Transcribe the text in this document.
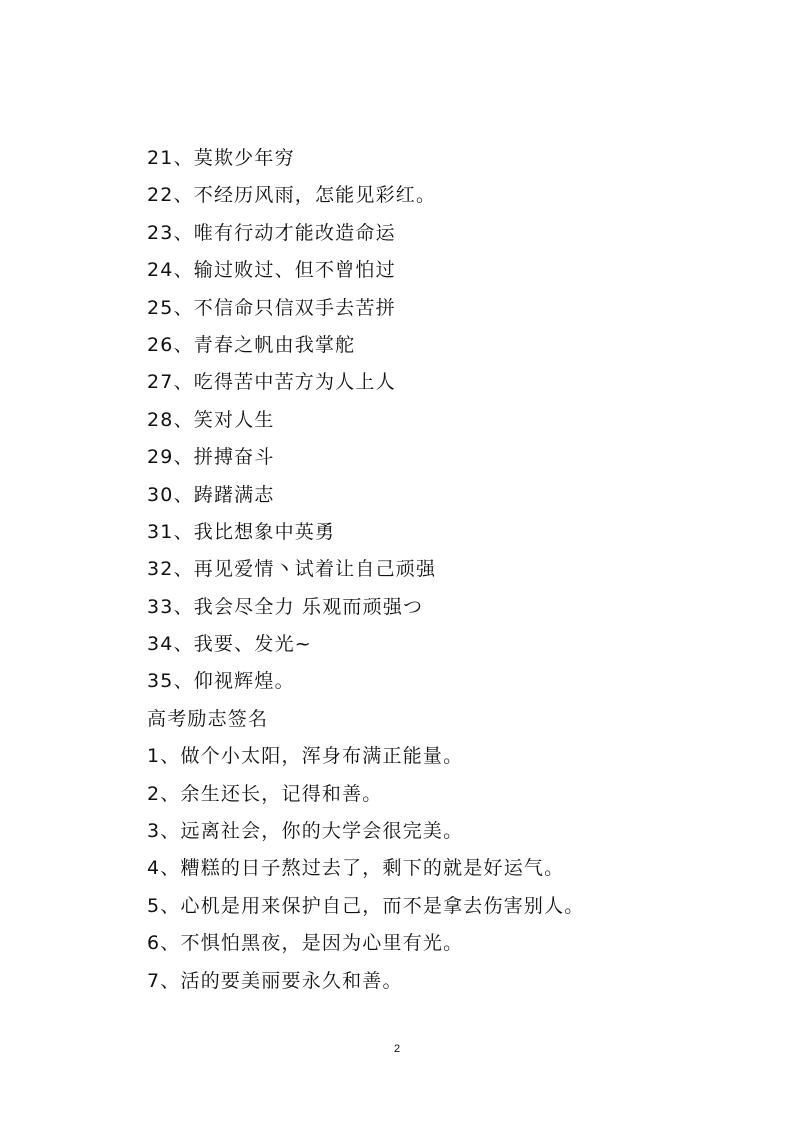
21、莫欺少年穷
22、不经历风雨，怎能见彩红。
23、唯有行动才能改造命运
24、输过败过、但不曾怕过
25、不信命只信双手去苦拼
26、青春之帆由我掌舵
27、吃得苦中苦方为人上人
28、笑对人生
29、拼搏奋斗
30、踌躇满志
31、我比想象中英勇
32、再见爱情丶试着让自己顽强
33、我会尽全力 乐观而顽强つ
34、我要、发光~
35、仰视辉煌。
高考励志签名
1、做个小太阳，浑身布满正能量。
2、余生还长，记得和善。
3、远离社会，你的大学会很完美。
4、糟糕的日子熬过去了，剩下的就是好运气。
5、心机是用来保护自己，而不是拿去伤害别人。
6、不惧怕黑夜，是因为心里有光。
7、活的要美丽要永久和善。
2
